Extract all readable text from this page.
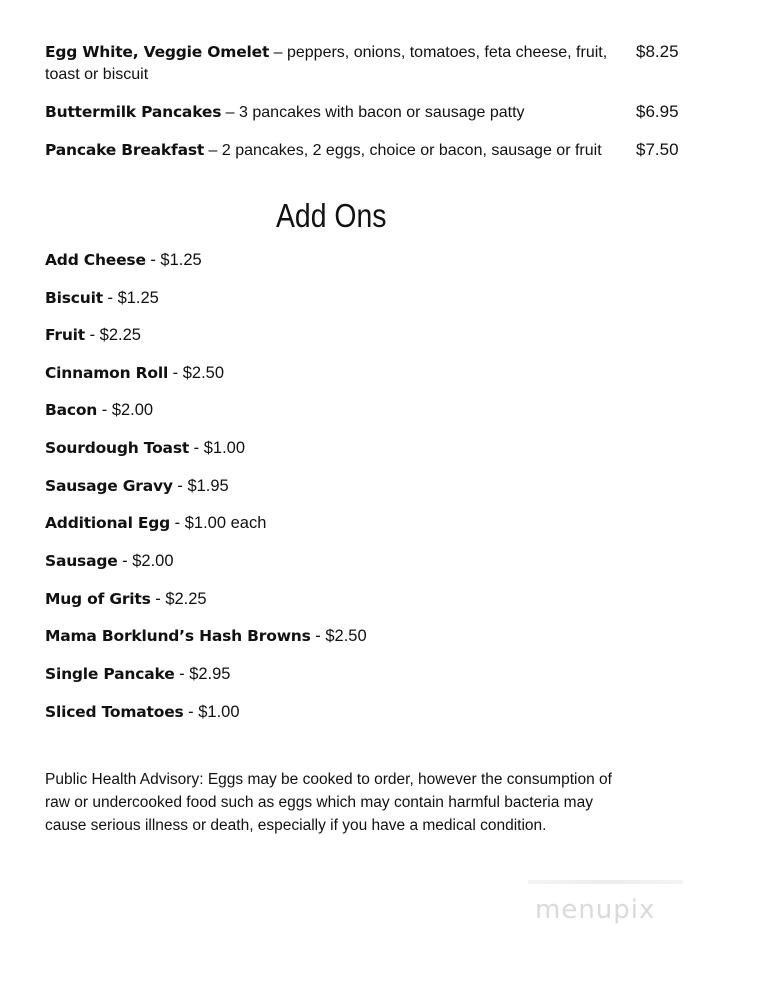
Egg White, Veggie Omelet – peppers, onions, tomatoes, feta cheese, fruit, toast or biscuit
$8.25
Buttermilk Pancakes – 3 pancakes with bacon or sausage patty	$6.95
Pancake Breakfast – 2 pancakes, 2 eggs, choice or bacon, sausage or fruit	$7.50
Add Ons
Add Cheese - $1.25
Biscuit - $1.25
Fruit - $2.25
Cinnamon Roll - $2.50
Bacon - $2.00
Sourdough Toast - $1.00
Sausage Gravy - $1.95
Additional Egg - $1.00 each
Sausage - $2.00
Mug of Grits - $2.25
Mama Borklund’s Hash Browns - $2.50
Single Pancake - $2.95
Sliced Tomatoes - $1.00
Public Health Advisory: Eggs may be cooked to order, however the consumption of raw or undercooked food such as eggs which may contain harmful bacteria may cause serious illness or death, especially if you have a medical condition.
menupix
